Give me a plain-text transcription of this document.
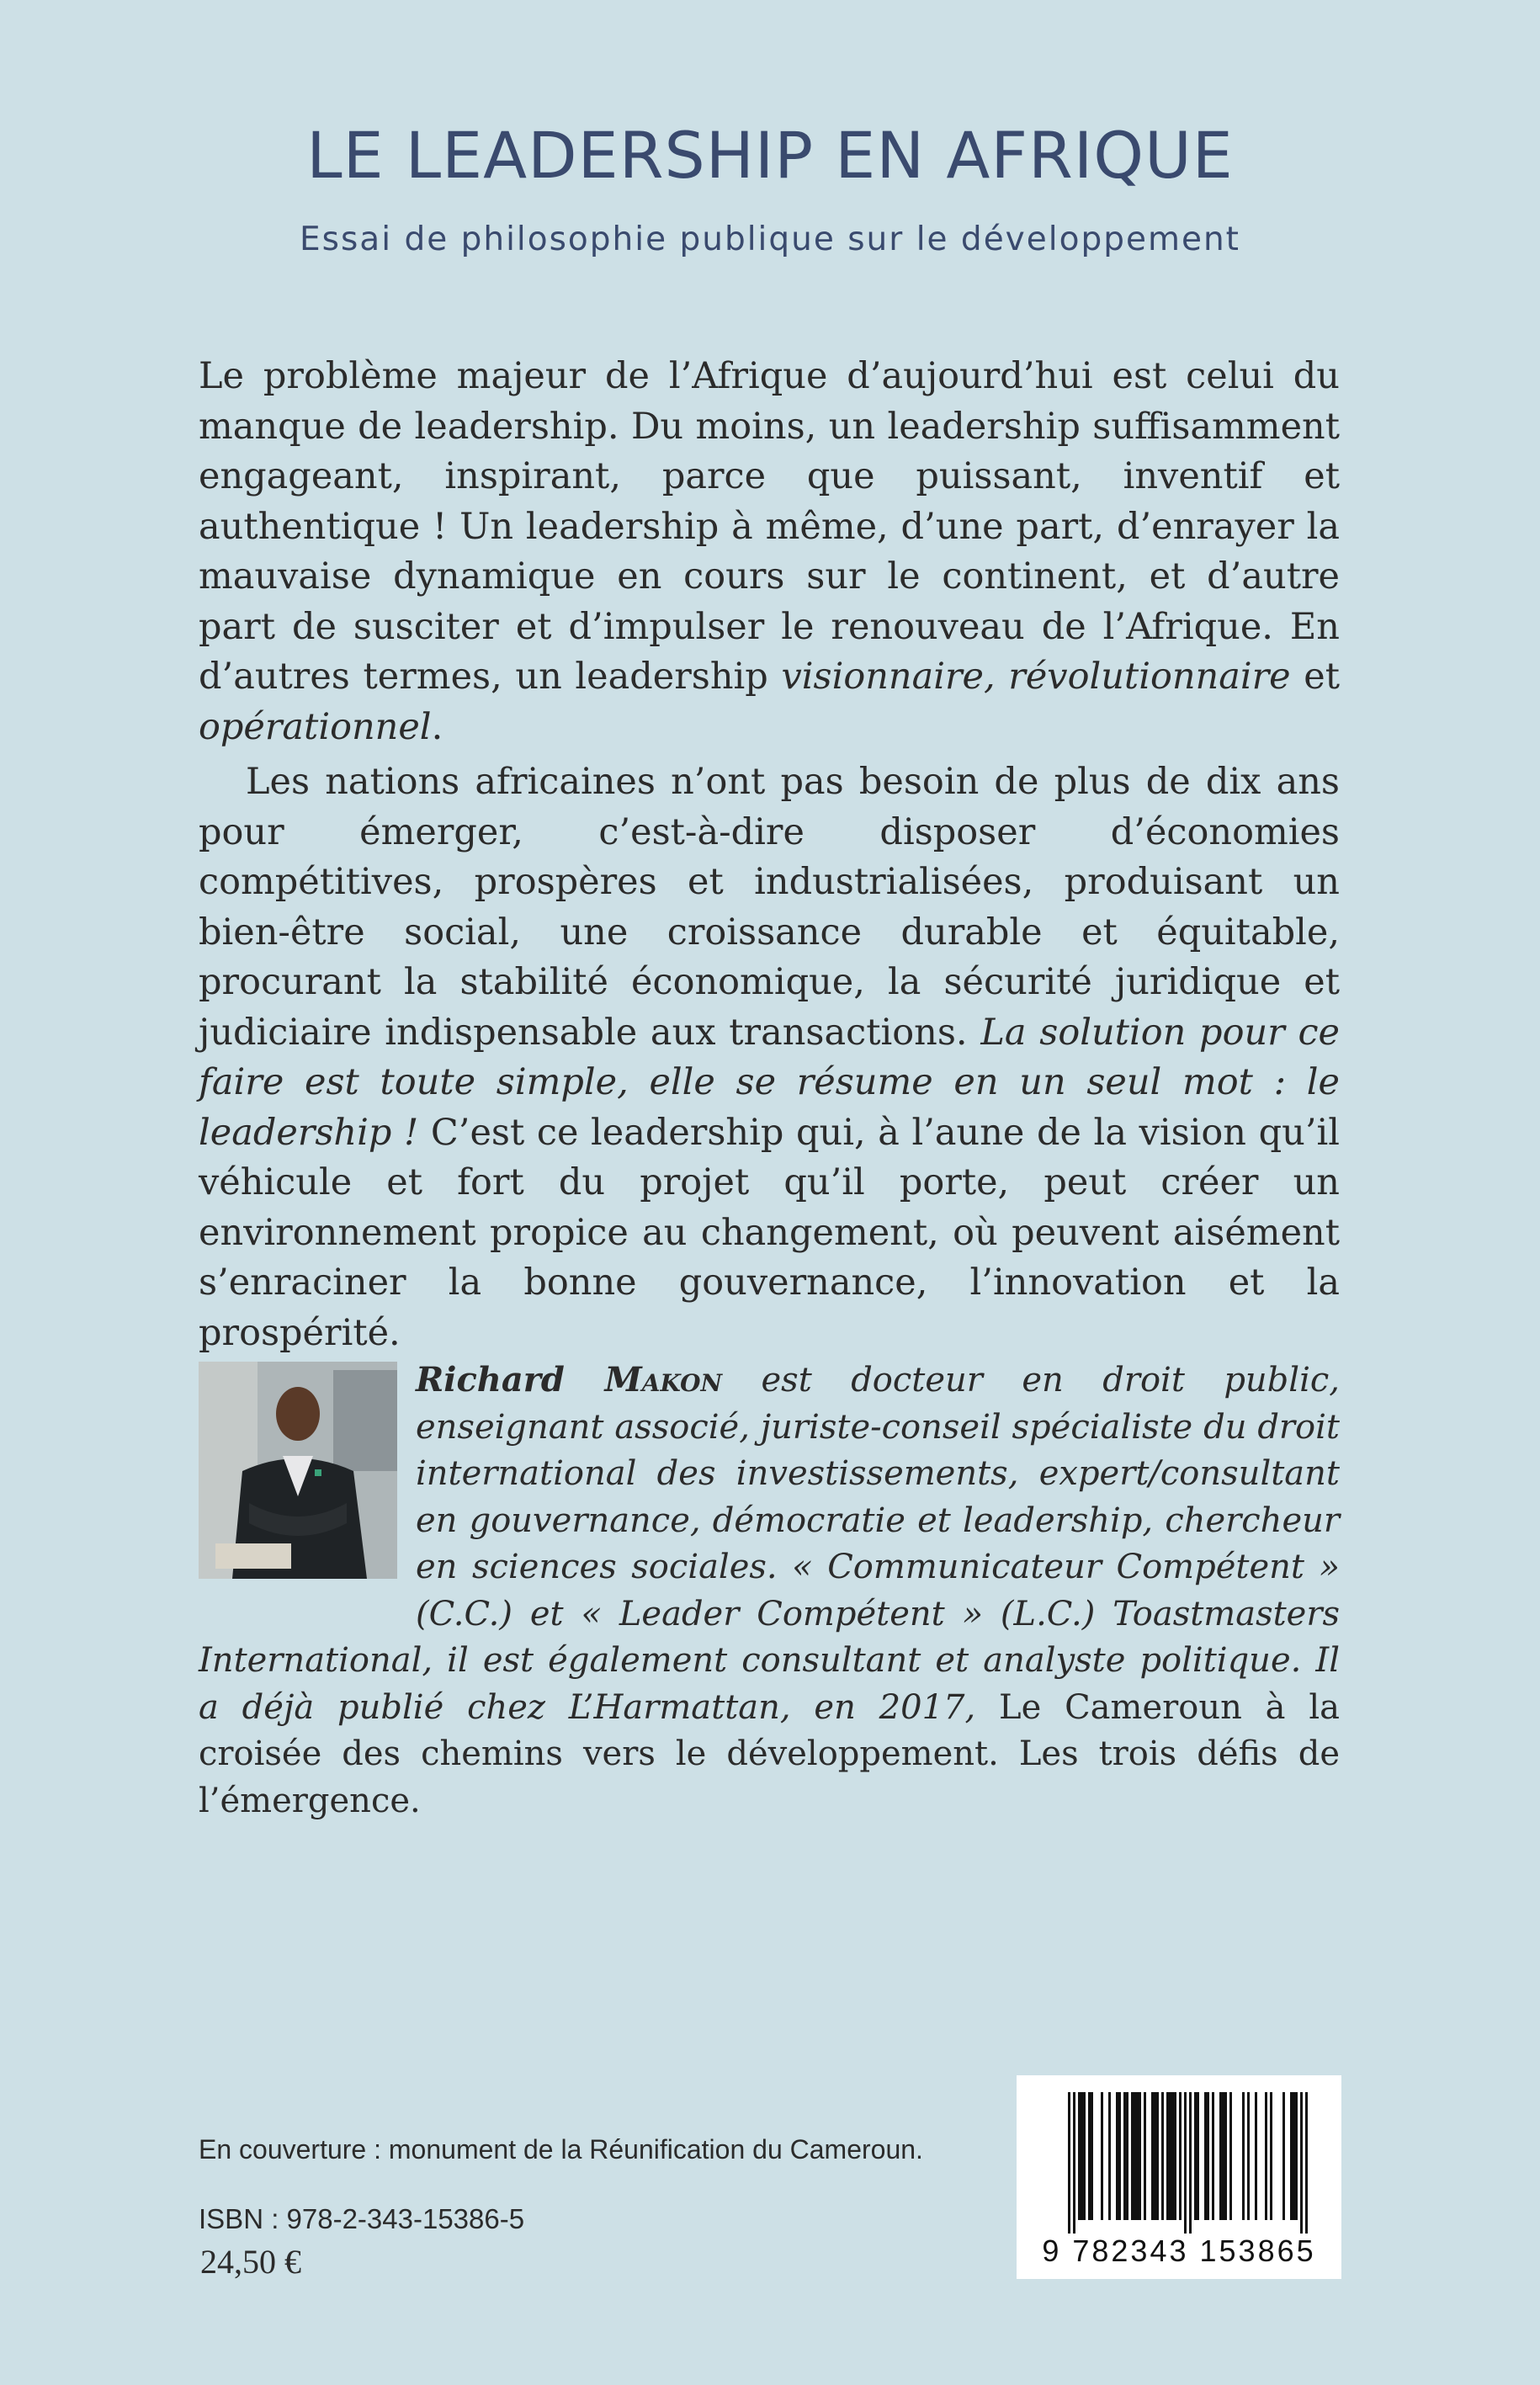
LE LEADERSHIP EN AFRIQUE
Essai de philosophie publique sur le développement

Le problème majeur de l’Afrique d’aujourd’hui est celui du manque de leadership. Du moins, un leadership suffisamment engageant, inspirant, parce que puissant, inventif et authentique ! Un leadership à même, d’une part, d’enrayer la mauvaise dynamique en cours sur le continent, et d’autre part de susciter et d’impulser le renouveau de l’Afrique. En d’autres termes, un leadership visionnaire, révolutionnaire et opérationnel.

Les nations africaines n’ont pas besoin de plus de dix ans pour émerger, c’est-à-dire disposer d’économies compétitives, prospères et industrialisées, produisant un bien-être social, une croissance durable et équitable, procurant la stabilité économique, la sécurité juridique et judiciaire indispensable aux transactions. La solution pour ce faire est toute simple, elle se résume en un seul mot : le leadership ! C’est ce leadership qui, à l’aune de la vision qu’il véhicule et fort du projet qu’il porte, peut créer un environnement propice au changement, où peuvent aisément s’enraciner la bonne gouvernance, l’innovation et la prospérité.

Richard Makon est docteur en droit public, enseignant associé, juriste-conseil spécialiste du droit international des investissements, expert/consultant en gouvernance, démocratie et leadership, chercheur en sciences sociales. « Communicateur Compétent » (C.C.) et « Leader Compétent » (L.C.) Toastmasters International, il est également consultant et analyste politique. Il a déjà publié chez L’Harmattan, en 2017, Le Cameroun à la croisée des chemins vers le développement. Les trois défis de l’émergence.
En couverture : monument de la Réunification du Cameroun.
ISBN : 978-2-343-15386-5
24,50 €	9 782343 153865
